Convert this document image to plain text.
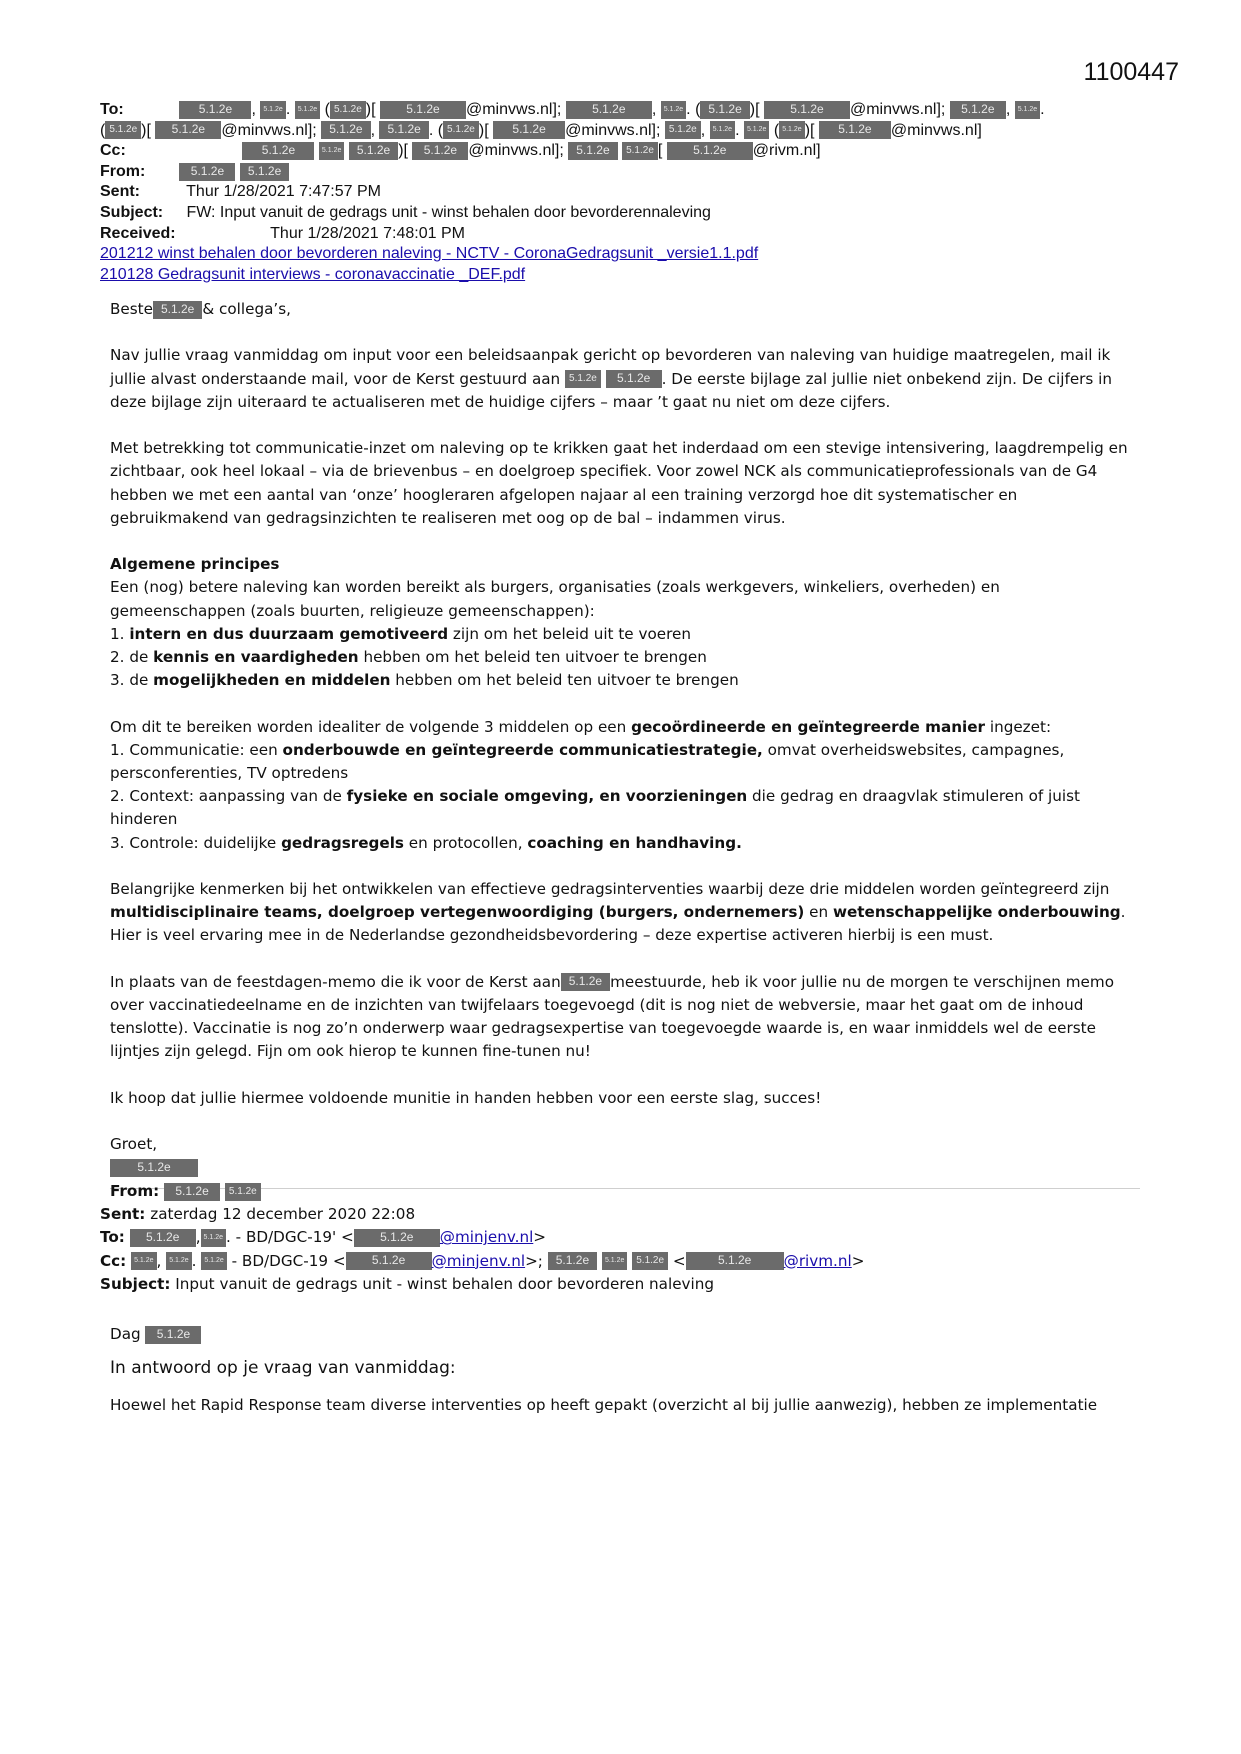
1100447
To:	5.1.2e , 5.1.2e . 5.1.2e ( 5.1.2e )[ 5.1.2e @minvws.nl];	5.1.2e , 5.1.2e . ( 5.1.2e )[ 5.1.2e @minvws.nl]; 5.1.2e , 5.1.2e .
( 5.1.2e )[ 5.1.2e @minvws.nl]; 5.1.2e , 5.1.2e . ( 5.1.2e )[ 5.1.2e @minvws.nl]; 5.1.2e , 5.1.2e . 5.1.2e ( 5.1.2e )[ 5.1.2e @minvws.nl]
Cc:	5.1.2e	5.1.2e 5.1.2e )[ 5.1.2e @minvws.nl]; 5.1.2e 5.1.2e [ 5.1.2e @rivm.nl]
From:	5.1.2e 5.1.2e
Sent:	Thur 1/28/2021 7:47:57 PM
Subject: FW: Input vanuit de gedrags unit - winst behalen door bevorderennaleving
Received:	Thur 1/28/2021 7:48:01 PM
201212 winst behalen door bevorderen naleving - NCTV - CoronaGedragsunit _versie1.1.pdf
210128 Gedragsunit interviews - coronavaccinatie _DEF.pdf

Beste 5.1.2e & collega’s,

Nav jullie vraag vanmiddag om input voor een beleidsaanpak gericht op bevorderen van naleving van huidige maatregelen, mail ik jullie alvast onderstaande mail, voor de Kerst gestuurd aan 5.1.2e 5.1.2e . De eerste bijlage zal jullie niet onbekend zijn. De cijfers in deze bijlage zijn uiteraard te actualiseren met de huidige cijfers – maar ’t gaat nu niet om deze cijfers.

Met betrekking tot communicatie-inzet om naleving op te krikken gaat het inderdaad om een stevige intensivering, laagdrempelig en zichtbaar, ook heel lokaal – via de brievenbus – en doelgroep specifiek. Voor zowel NCK als communicatieprofessionals van de G4 hebben we met een aantal van ‘onze’ hoogleraren afgelopen najaar al een training verzorgd hoe dit systematischer en gebruikmakend van gedragsinzichten te realiseren met oog op de bal – indammen virus.

Algemene principes
Een (nog) betere naleving kan worden bereikt als burgers, organisaties (zoals werkgevers, winkeliers, overheden) en gemeenschappen (zoals buurten, religieuze gemeenschappen):
1. intern en dus duurzaam gemotiveerd zijn om het beleid uit te voeren
2. de kennis en vaardigheden hebben om het beleid ten uitvoer te brengen
3. de mogelijkheden en middelen hebben om het beleid ten uitvoer te brengen
Om dit te bereiken worden idealiter de volgende 3 middelen op een gecoördineerde en geïntegreerde manier ingezet:
1. Communicatie: een onderbouwde en geïntegreerde communicatiestrategie, omvat overheidswebsites, campagnes, persconferenties, TV optredens
2. Context: aanpassing van de fysieke en sociale omgeving, en voorzieningen die gedrag en draagvlak stimuleren of juist hinderen
3. Controle: duidelijke gedragsregels en protocollen, coaching en handhaving.

Belangrijke kenmerken bij het ontwikkelen van effectieve gedragsinterventies waarbij deze drie middelen worden geïntegreerd zijn multidisciplinaire teams, doelgroep vertegenwoordiging (burgers, ondernemers) en wetenschappelijke onderbouwing. Hier is veel ervaring mee in de Nederlandse gezondheidsbevordering – deze expertise activeren hierbij is een must.

In plaats van de feestdagen-memo die ik voor de Kerst aan 5.1.2e meestuurde, heb ik voor jullie nu de morgen te verschijnen memo over vaccinatiedeelname en de inzichten van twijfelaars toegevoegd (dit is nog niet de webversie, maar het gaat om de inhoud tenslotte). Vaccinatie is nog zo’n onderwerp waar gedragsexpertise van toegevoegde waarde is, en waar inmiddels wel de eerste lijntjes zijn gelegd. Fijn om ook hierop te kunnen fine-tunen nu!

Ik hoop dat jullie hiermee voldoende munitie in handen hebben voor een eerste slag, succes!

Groet,
5.1.2e
From: 5.1.2e 5.1.2e
Sent: zaterdag 12 december 2020 22:08
To: 5.1.2e , 5.1.2e . - BD/DGC-19' < 5.1.2e @minjenv.nl>
Cc: 5.1.2e , 5.1.2e . 5.1.2e - BD/DGC-19 < 5.1.2e @minjenv.nl>; 5.1.2e 5.1.2e 5.1.2e <	5.1.2e @rivm.nl>
Subject: Input vanuit de gedrags unit - winst behalen door bevorderen naleving
Dag 5.1.2e
In antwoord op je vraag van vanmiddag:
Hoewel het Rapid Response team diverse interventies op heeft gepakt (overzicht al bij jullie aanwezig), hebben ze implementatie
